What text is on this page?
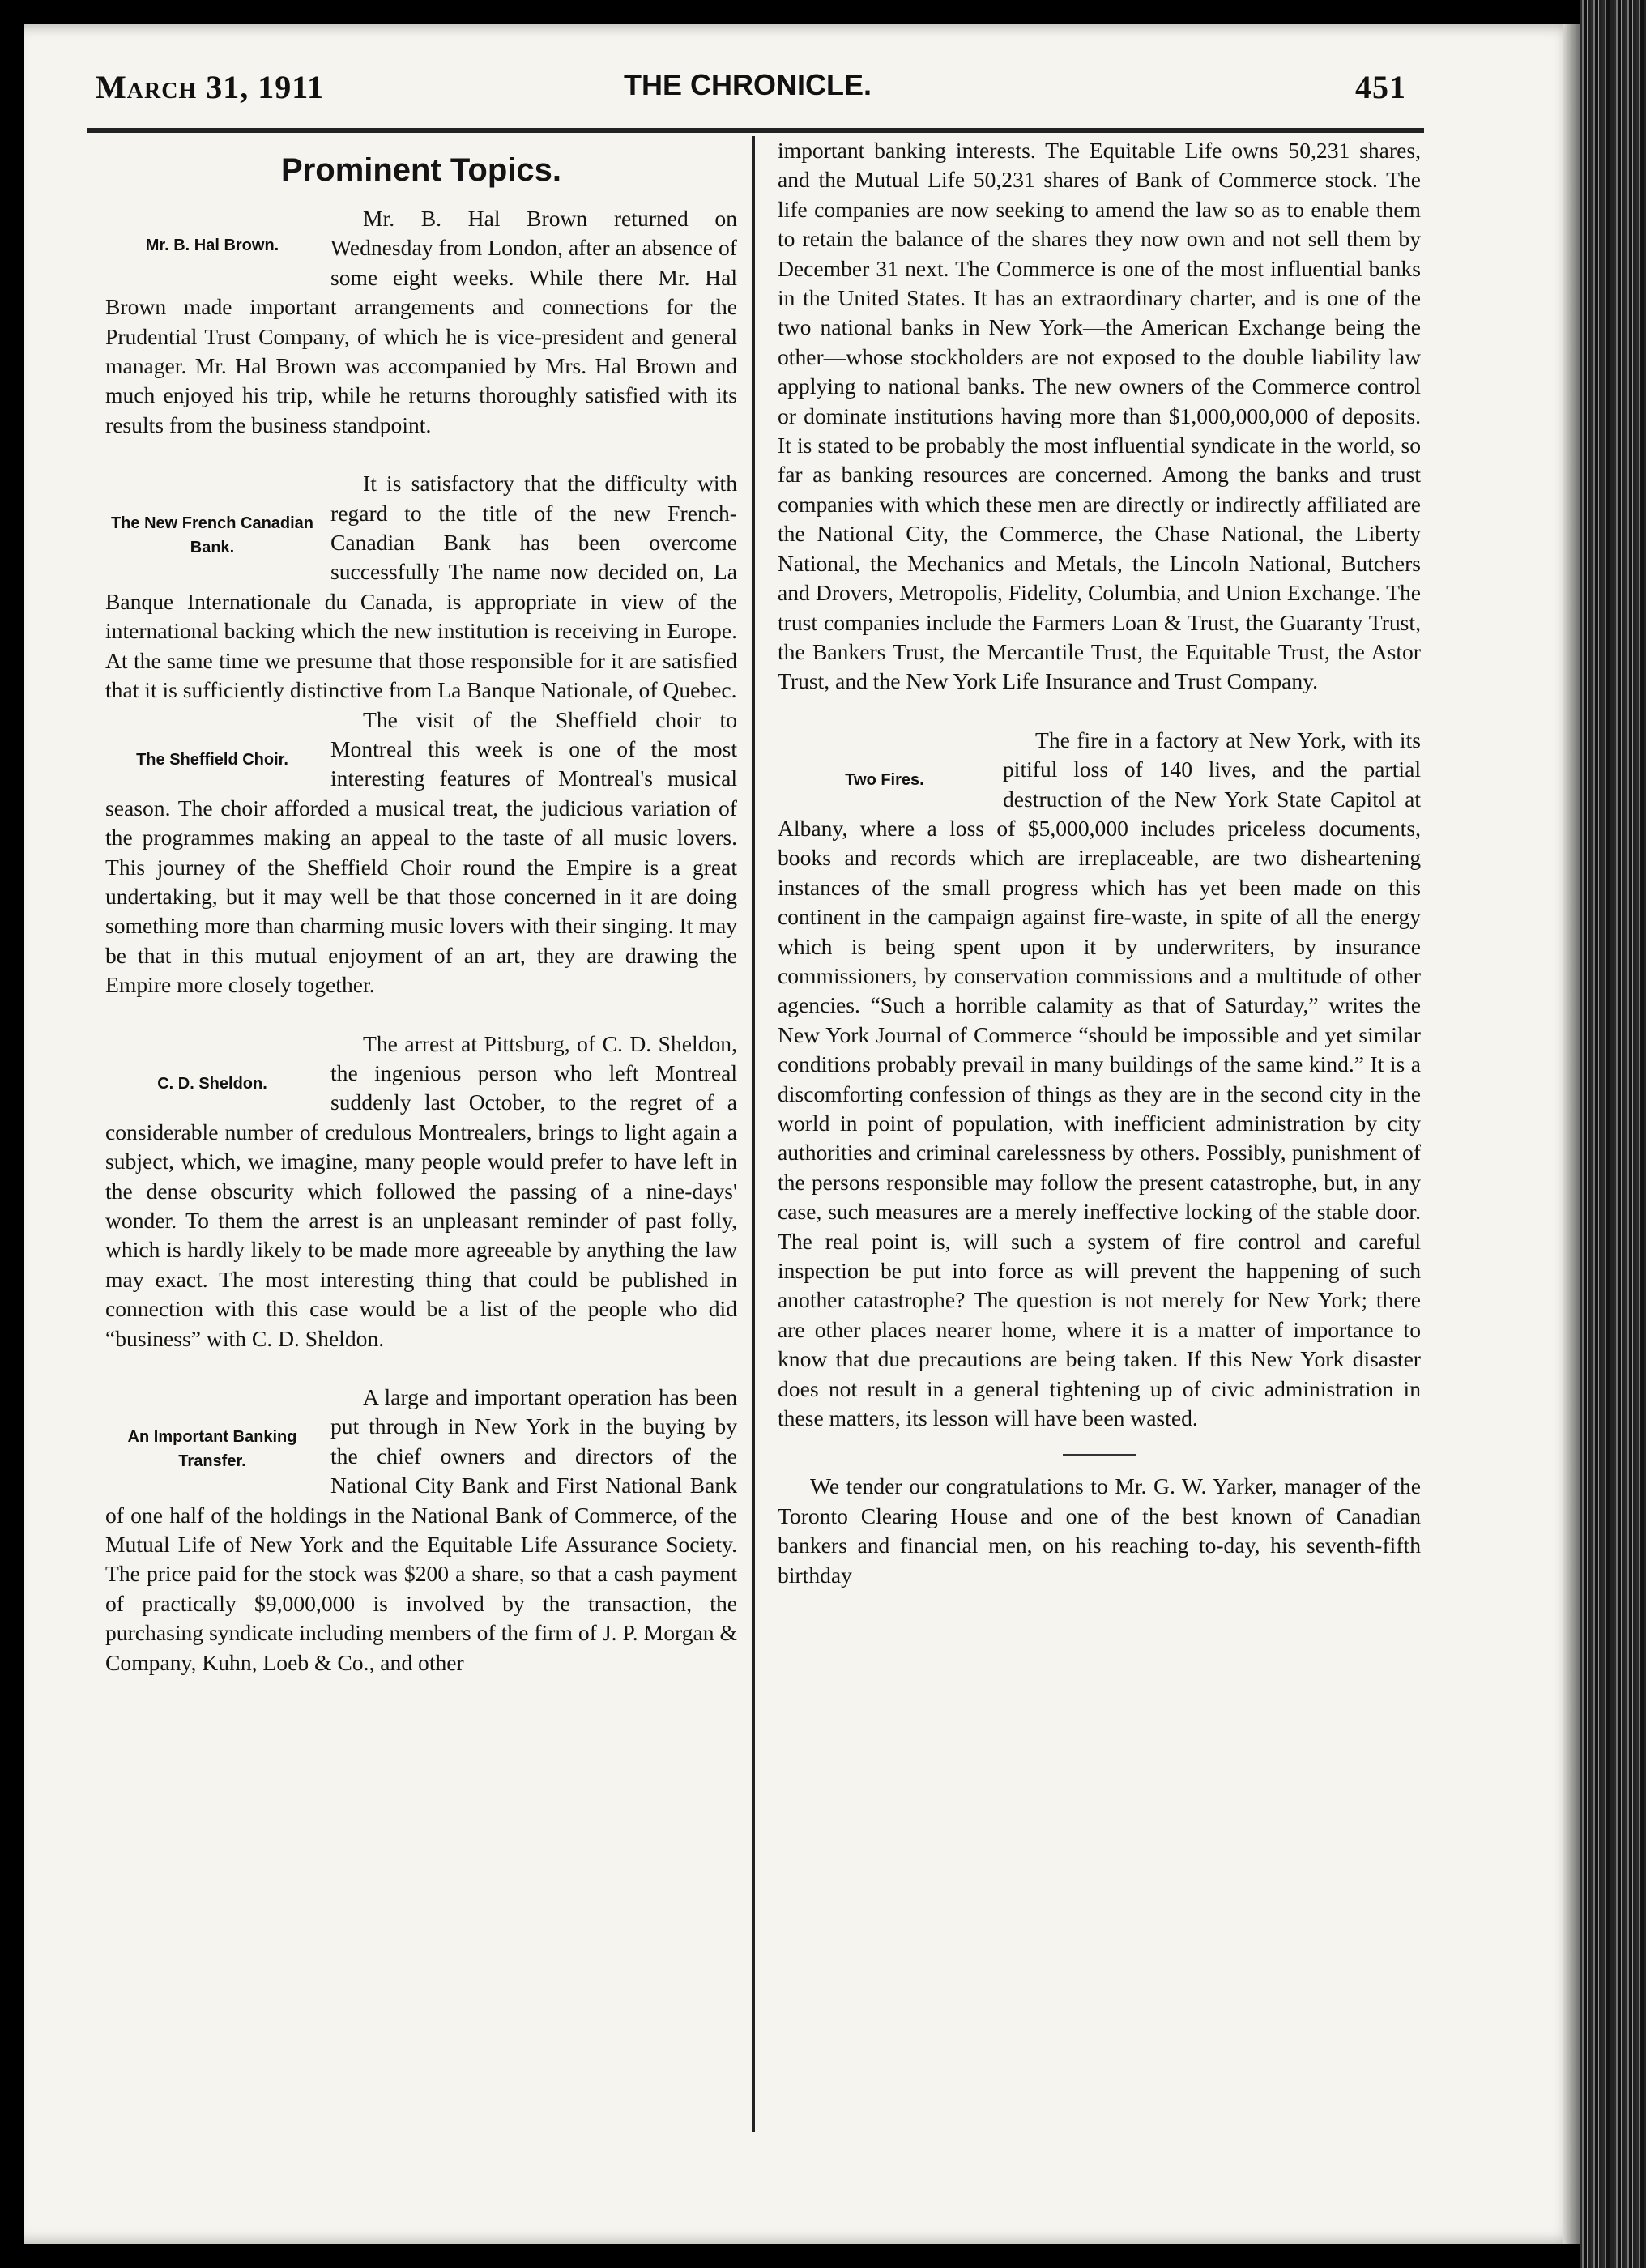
March 31, 1911	THE CHRONICLE.	451
Prominent Topics.
Mr. B. Hal Brown.

Mr. B. Hal Brown returned on Wednesday from London, after an absence of some eight weeks. While there Mr. Hal Brown made important arrangements and connections for the Prudential Trust Company, of which he is vice-president and general manager. Mr. Hal Brown was accompanied by Mrs. Hal Brown and much enjoyed his trip, while he returns thoroughly satisfied with its results from the business standpoint.

The New French Canadian Bank.

It is satisfactory that the difficulty with regard to the title of the new French-Canadian Bank has been overcome successfully The name now decided on, La Banque Internationale du Canada, is appropriate in view of the international backing which the new institution is receiving in Europe. At the same time we presume that those responsible for it are satisfied that it is sufficiently distinctive from La Banque Nationale, of Quebec.

The Sheffield Choir.

The visit of the Sheffield choir to Montreal this week is one of the most interesting features of Montreal's musical season. The choir afforded a musical treat, the judicious variation of the programmes making an appeal to the taste of all music lovers. This journey of the Sheffield Choir round the Empire is a great undertaking, but it may well be that those concerned in it are doing something more than charming music lovers with their singing. It may be that in this mutual enjoyment of an art, they are drawing the Empire more closely together.

C. D. Sheldon.

The arrest at Pittsburg, of C. D. Sheldon, the ingenious person who left Montreal suddenly last October, to the regret of a considerable number of credulous Montrealers, brings to light again a subject, which, we imagine, many people would prefer to have left in the dense obscurity which followed the passing of a nine-days' wonder. To them the arrest is an unpleasant reminder of past folly, which is hardly likely to be made more agreeable by anything the law may exact. The most interesting thing that could be published in connection with this case would be a list of the people who did “business” with C. D. Sheldon.

An Important Banking Transfer.

A large and important operation has been put through in New York in the buying by the chief owners and directors of the National City Bank and First National Bank of one half of the holdings in the National Bank of Commerce, of the Mutual Life of New York and the Equitable Life Assurance Society. The price paid for the stock was $200 a share, so that a cash payment of practically $9,000,000 is involved by the transaction, the purchasing syndicate including members of the firm of J. P. Morgan & Company, Kuhn, Loeb & Co., and other

important banking interests. The Equitable Life owns 50,231 shares, and the Mutual Life 50,231 shares of Bank of Commerce stock. The life companies are now seeking to amend the law so as to enable them to retain the balance of the shares they now own and not sell them by December 31 next. The Commerce is one of the most influential banks in the United States. It has an extraordinary charter, and is one of the two national banks in New York—the American Exchange being the other—whose stockholders are not exposed to the double liability law applying to national banks. The new owners of the Commerce control or dominate institutions having more than $1,000,000,000 of deposits. It is stated to be probably the most influential syndicate in the world, so far as banking resources are concerned. Among the banks and trust companies with which these men are directly or indirectly affiliated are the National City, the Commerce, the Chase National, the Liberty National, the Mechanics and Metals, the Lincoln National, Butchers and Drovers, Metropolis, Fidelity, Columbia, and Union Exchange. The trust companies include the Farmers Loan & Trust, the Guaranty Trust, the Bankers Trust, the Mercantile Trust, the Equitable Trust, the Astor Trust, and the New York Life Insurance and Trust Company.

Two Fires.

The fire in a factory at New York, with its pitiful loss of 140 lives, and the partial destruction of the New York State Capitol at Albany, where a loss of $5,000,000 includes priceless documents, books and records which are irreplaceable, are two disheartening instances of the small progress which has yet been made on this continent in the campaign against fire-waste, in spite of all the energy which is being spent upon it by underwriters, by insurance commissioners, by conservation commissions and a multitude of other agencies. “Such a horrible calamity as that of Saturday,” writes the New York Journal of Commerce “should be impossible and yet similar conditions probably prevail in many buildings of the same kind.” It is a discomforting confession of things as they are in the second city in the world in point of population, with inefficient administration by city authorities and criminal carelessness by others. Possibly, punishment of the persons responsible may follow the present catastrophe, but, in any case, such measures are a merely ineffective locking of the stable door. The real point is, will such a system of fire control and careful inspection be put into force as will prevent the happening of such another catastrophe? The question is not merely for New York; there are other places nearer home, where it is a matter of importance to know that due precautions are being taken. If this New York disaster does not result in a general tightening up of civic administration in these matters, its lesson will have been wasted.

We tender our congratulations to Mr. G. W. Yarker, manager of the Toronto Clearing House and one of the best known of Canadian bankers and financial men, on his reaching to-day, his seventh-fifth birthday
